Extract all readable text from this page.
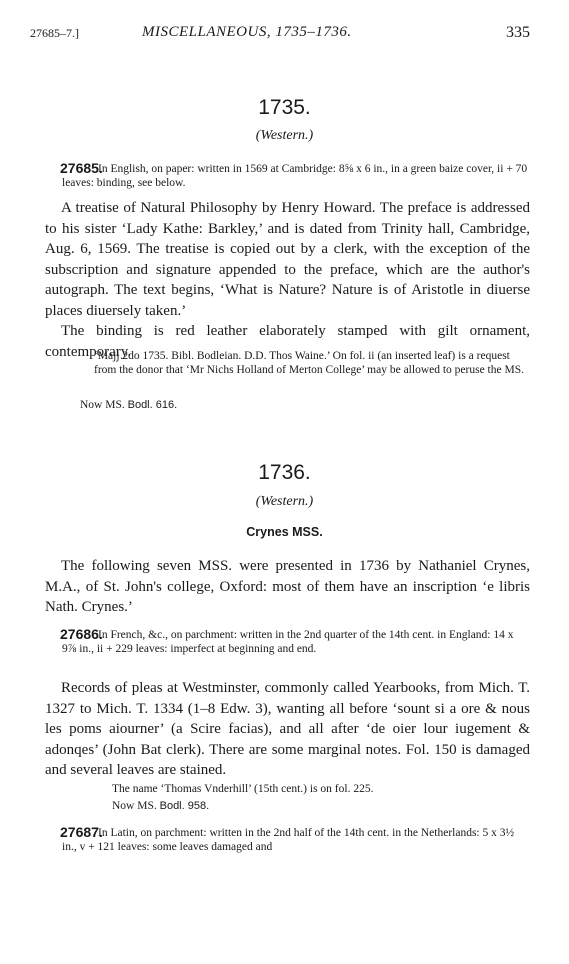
27685–7.]	MISCELLANEOUS, 1735–1736.	335
1735.
(Western.)
27685.
In English, on paper: written in 1569 at Cambridge: 8⅝ x 6 in., in a green baize cover, ii + 70 leaves: binding, see below.

A treatise of Natural Philosophy by Henry Howard. The preface is addressed to his sister ‘Lady Kathe: Barkley,’ and is dated from Trinity hall, Cambridge, Aug. 6, 1569. The treatise is copied out by a clerk, with the exception of the subscription and signature appended to the preface, which are the author's autograph. The text begins, ‘What is Nature? Nature is of Aristotle in diuerse places diuersely taken.’

The binding is red leather elaborately stamped with gilt ornament, contemporary.

‘Majj 2do 1735. Bibl. Bodleian. D.D. Thos Waine.’ On fol. ii (an inserted leaf) is a request from the donor that ‘Mr Nichs Holland of Merton College’ may be allowed to peruse the MS.
Now MS. Bodl. 616.
1736.
(Western.)
Crynes MSS.

The following seven MSS. were presented in 1736 by Nathaniel Crynes, M.A., of St. John's college, Oxford: most of them have an inscription ‘e libris Nath. Crynes.’

27686.
In French, &c., on parchment: written in the 2nd quarter of the 14th cent. in England: 14 x 9⅞ in., ii + 229 leaves: imperfect at beginning and end.

Records of pleas at Westminster, commonly called Yearbooks, from Mich. T. 1327 to Mich. T. 1334 (1–8 Edw. 3), wanting all before ‘sount si a ore & nous les poms aiourner’ (a Scire facias), and all after ‘de oier lour iugement & adonqes’ (John Bat clerk). There are some marginal notes. Fol. 150 is damaged and several leaves are stained.

The name ‘Thomas Vnderhill’ (15th cent.) is on fol. 225.
Now MS. Bodl. 958.
27687.
In Latin, on parchment: written in the 2nd half of the 14th cent. in the Netherlands: 5 x 3½ in., v + 121 leaves: some leaves damaged and
